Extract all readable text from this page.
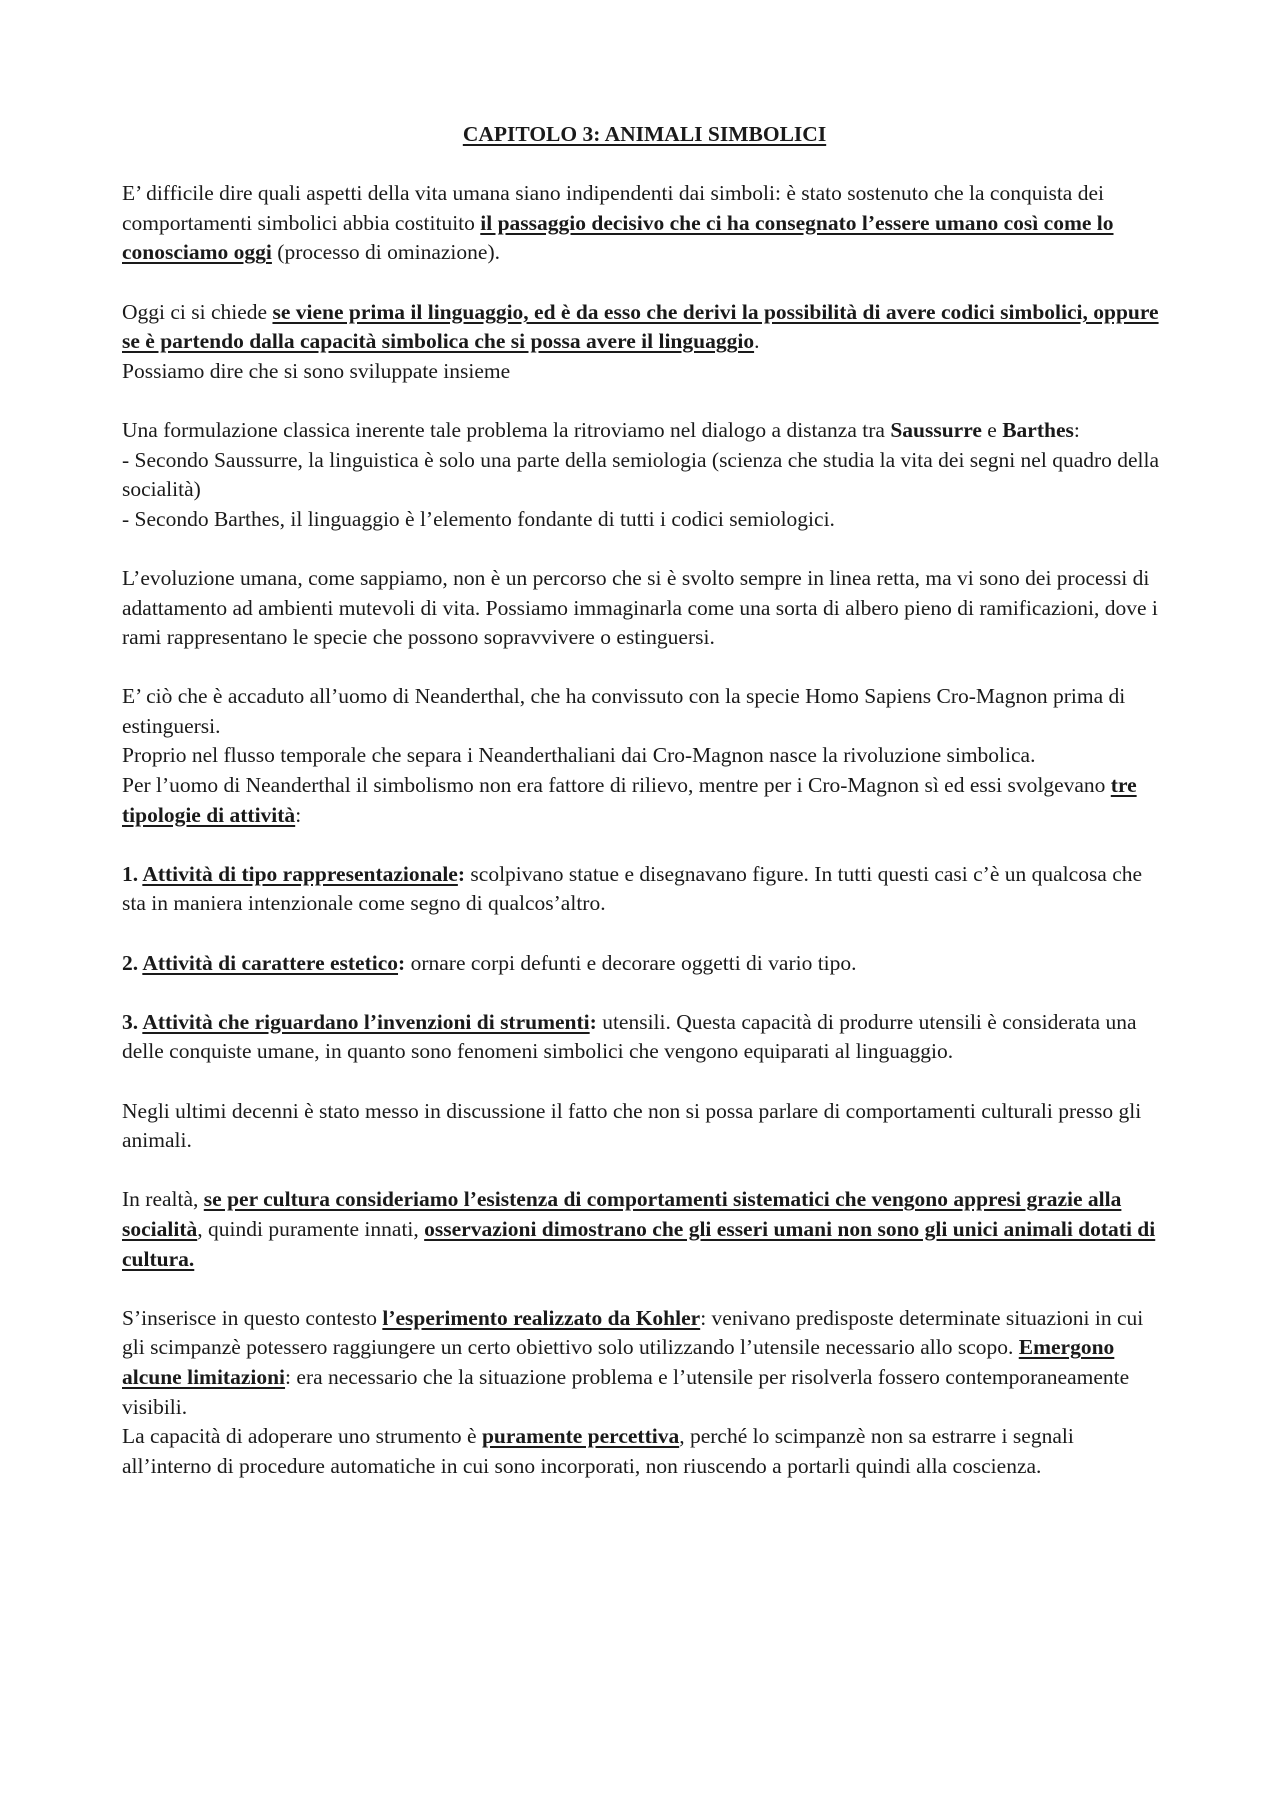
CAPITOLO 3: ANIMALI SIMBOLICI
E’ difficile dire quali aspetti della vita umana siano indipendenti dai simboli: è stato sostenuto che la conquista dei comportamenti simbolici abbia costituito il passaggio decisivo che ci ha consegnato l’essere umano così come lo conosciamo oggi (processo di ominazione).
Oggi ci si chiede se viene prima il linguaggio, ed è da esso che derivi la possibilità di avere codici simbolici, oppure se è partendo dalla capacità simbolica che si possa avere il linguaggio.
Possiamo dire che si sono sviluppate insieme
Una formulazione classica inerente tale problema la ritroviamo nel dialogo a distanza tra Saussurre e Barthes:
- Secondo Saussurre, la linguistica è solo una parte della semiologia (scienza che studia la vita dei segni nel quadro della socialità)
- Secondo Barthes, il linguaggio è l’elemento fondante di tutti i codici semiologici.
L’evoluzione umana, come sappiamo, non è un percorso che si è svolto sempre in linea retta, ma vi sono dei processi di adattamento ad ambienti mutevoli di vita. Possiamo immaginarla come una sorta di albero pieno di ramificazioni, dove i rami rappresentano le specie che possono sopravvivere o estinguersi.
E’ ciò che è accaduto all’uomo di Neanderthal, che ha convissuto con la specie Homo Sapiens Cro-Magnon prima di estinguersi.
Proprio nel flusso temporale che separa i Neanderthaliani dai Cro-Magnon nasce la rivoluzione simbolica.
Per l’uomo di Neanderthal il simbolismo non era fattore di rilievo, mentre per i Cro-Magnon sì ed essi svolgevano tre tipologie di attività:
1. Attività di tipo rappresentazionale: scolpivano statue e disegnavano figure. In tutti questi casi c’è un qualcosa che sta in maniera intenzionale come segno di qualcos’altro.
2. Attività di carattere estetico: ornare corpi defunti e decorare oggetti di vario tipo.
3. Attività che riguardano l’invenzioni di strumenti: utensili. Questa capacità di produrre utensili è considerata una delle conquiste umane, in quanto sono fenomeni simbolici che vengono equiparati al linguaggio.
Negli ultimi decenni è stato messo in discussione il fatto che non si possa parlare di comportamenti culturali presso gli animali.
In realtà, se per cultura consideriamo l’esistenza di comportamenti sistematici che vengono appresi grazie alla socialità, quindi puramente innati, osservazioni dimostrano che gli esseri umani non sono gli unici animali dotati di cultura.
S’inserisce in questo contesto l’esperimento realizzato da Kohler: venivano predisposte determinate situazioni in cui gli scimpanzè potessero raggiungere un certo obiettivo solo utilizzando l’utensile necessario allo scopo. Emergono alcune limitazioni: era necessario che la situazione problema e l’utensile per risolverla fossero contemporaneamente visibili.
La capacità di adoperare uno strumento è puramente percettiva, perché lo scimpanzè non sa estrarre i segnali all’interno di procedure automatiche in cui sono incorporati, non riuscendo a portarli quindi alla coscienza.
